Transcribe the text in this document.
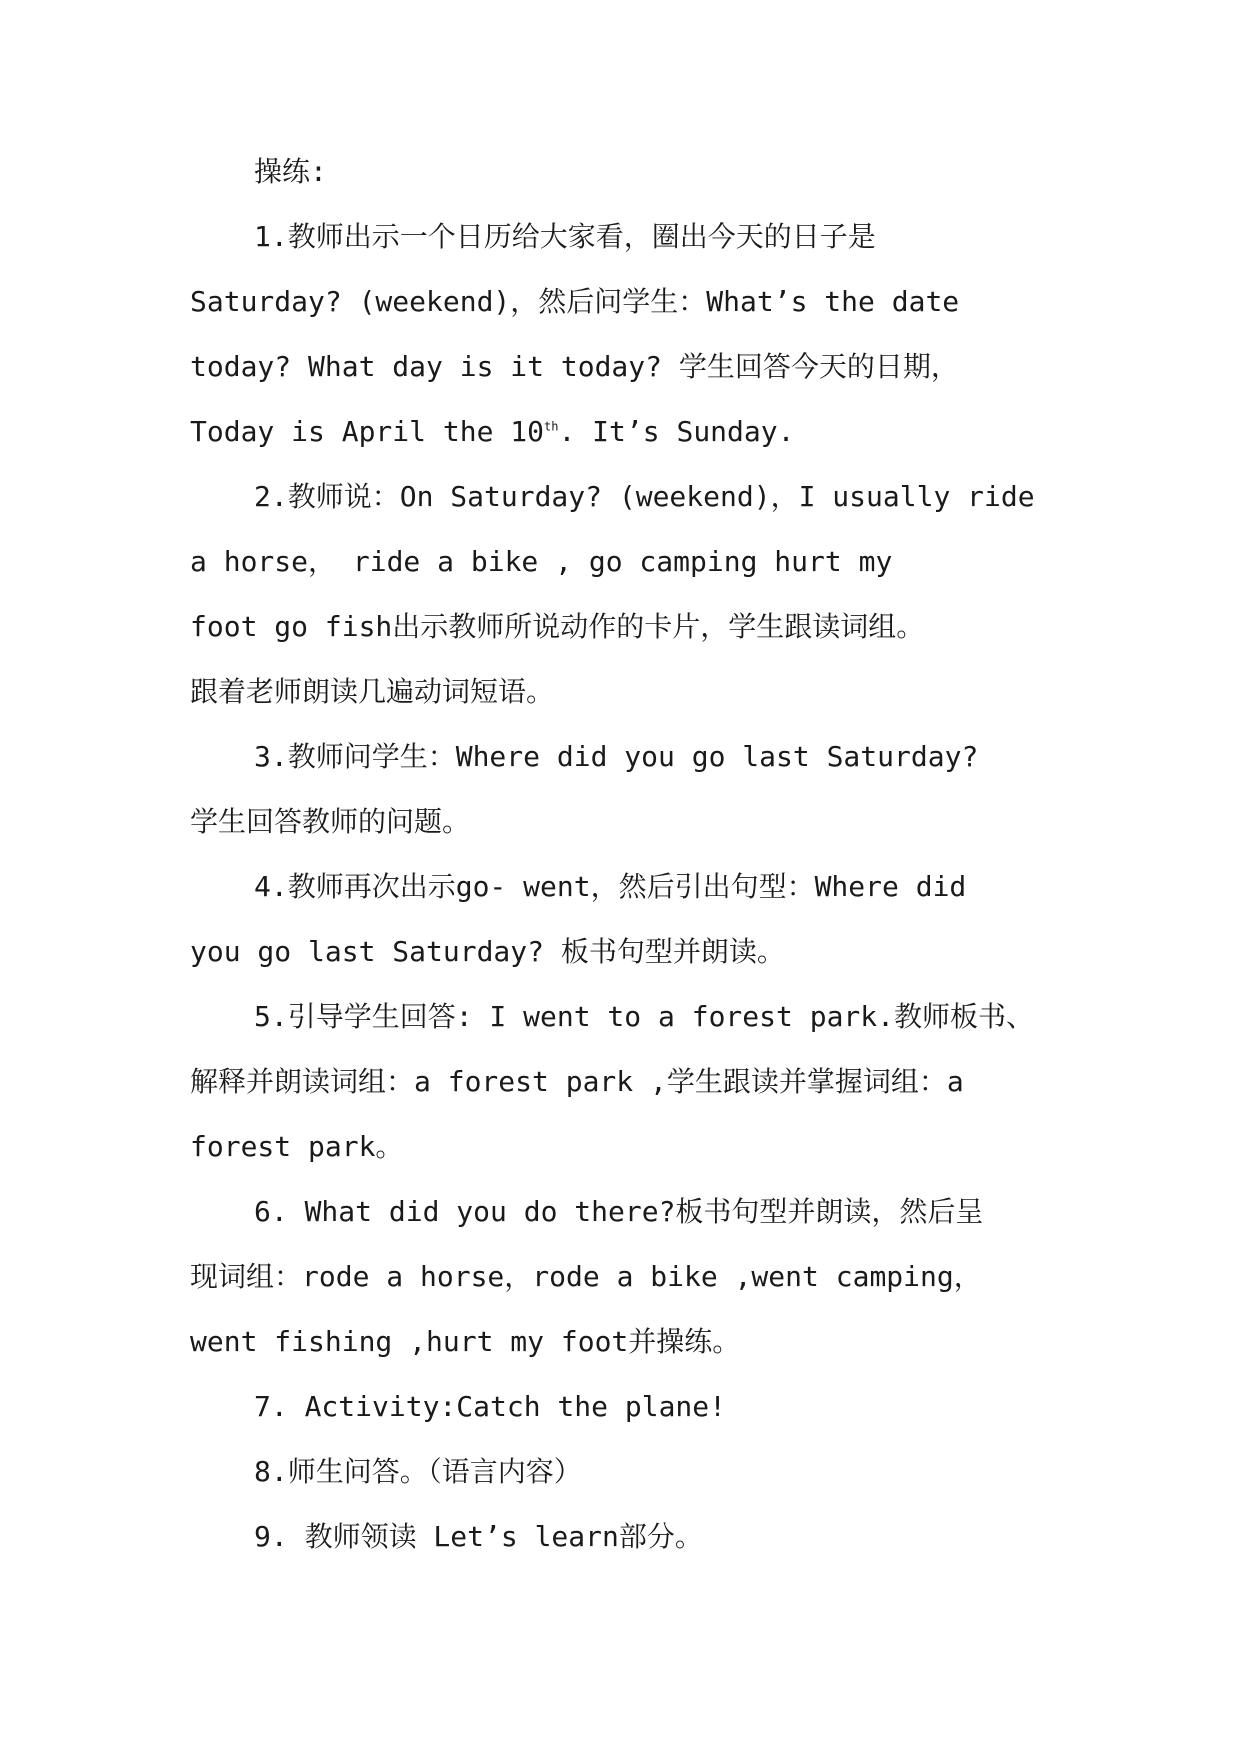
操练:
1.教师出示一个日历给大家看，圈出今天的日子是
Saturday? (weekend)，然后问学生：What’s the date
today? What day is it today? 学生回答今天的日期，
Today is April the 10th. It’s Sunday.
2.教师说：On Saturday? (weekend)，I usually ride
a horse， ride a bike , go camping hurt my
foot go fish出示教师所说动作的卡片，学生跟读词组。
跟着老师朗读几遍动词短语。
3.教师问学生：Where did you go last Saturday?
学生回答教师的问题。
4.教师再次出示go- went，然后引出句型：Where did
you go last Saturday? 板书句型并朗读。
5.引导学生回答: I went to a forest park.教师板书、
解释并朗读词组：a forest park ,学生跟读并掌握词组：a
forest park。
6. What did you do there?板书句型并朗读，然后呈
现词组：rode a horse，rode a bike ,went camping，
went fishing ,hurt my foot并操练。
7. Activity:Catch the plane!
8.师生问答。（语言内容）
9. 教师领读 Let’s learn部分。
